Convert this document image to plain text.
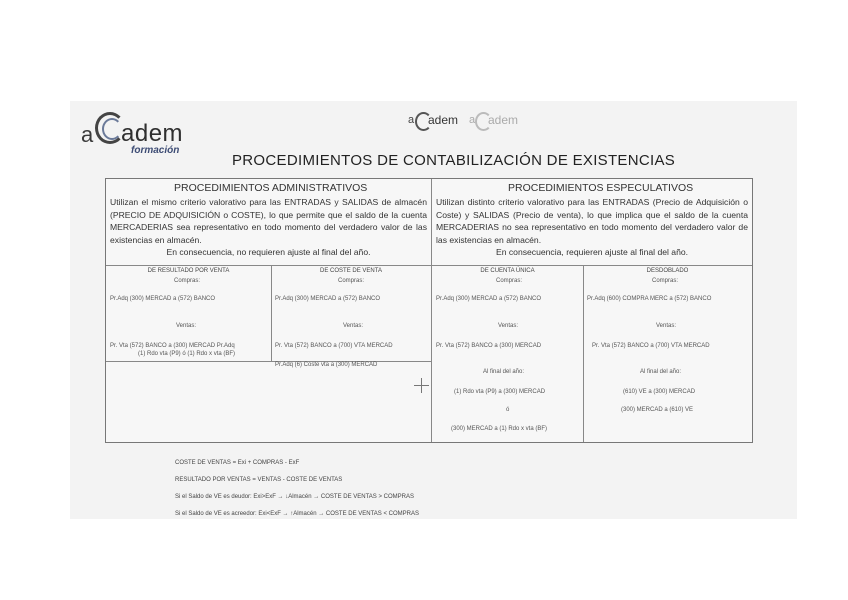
a adem
formación
a adem a adem
PROCEDIMIENTOS DE CONTABILIZACIÓN DE EXISTENCIAS
PROCEDIMIENTOS ADMINISTRATIVOS
Utilizan el mismo criterio valorativo para las ENTRADAS y SALIDAS de almacén (PRECIO DE ADQUISICIÓN o COSTE), lo que permite que el saldo de la cuenta MERCADERIAS sea representativo en todo momento del verdadero valor de las existencias en almacén.
En consecuencia, no requieren ajuste al final del año.
PROCEDIMIENTOS ESPECULATIVOS
Utilizan distinto criterio valorativo para las ENTRADAS (Precio de Adquisición o Coste) y SALIDAS (Precio de venta), lo que implica que el saldo de la cuenta MERCADERIAS no sea representativo en todo momento del verdadero valor de las existencias en almacén.
En consecuencia, requieren ajuste al final del año.
DE RESULTADO POR VENTA
Compras:
Pr.Adq (300) MERCAD a (572) BANCO
Ventas:
Pr. Vta (572) BANCO a (300) MERCAD Pr.Adq
(1) Rdo vta (P9) ó (1) Rdo x vta (BF)
DE COSTE DE VENTA
Compras:
Pr.Adq (300) MERCAD a (572) BANCO
Ventas:
Pr. Vta (572) BANCO a (700) VTA MERCAD
Pr.Adq (6) Coste vta a (300) MERCAD
DE CUENTA ÚNICA
Compras:
Pr.Adq (300) MERCAD a (572) BANCO
Ventas:
Pr. Vta (572) BANCO a (300) MERCAD
Al final del año:
(1) Rdo vta (P9) a (300) MERCAD
ó
(300) MERCAD a (1) Rdo x vta (BF)
DESDOBLADO
Compras:
Pr.Adq (600) COMPRA MERC a (572) BANCO
Ventas:
Pr. Vta (572) BANCO a (700) VTA MERCAD
Al final del año:
(610) VE a (300) MERCAD
(300) MERCAD a (610) VE
COSTE DE VENTAS = Exi + COMPRAS - ExF
RESULTADO POR VENTAS = VENTAS - COSTE DE VENTAS
Si el Saldo de VE es deudor: Exi>ExF → ↓Almacén → COSTE DE VENTAS > COMPRAS
Si el Saldo de VE es acreedor: Exi<ExF → ↑Almacén → COSTE DE VENTAS < COMPRAS
